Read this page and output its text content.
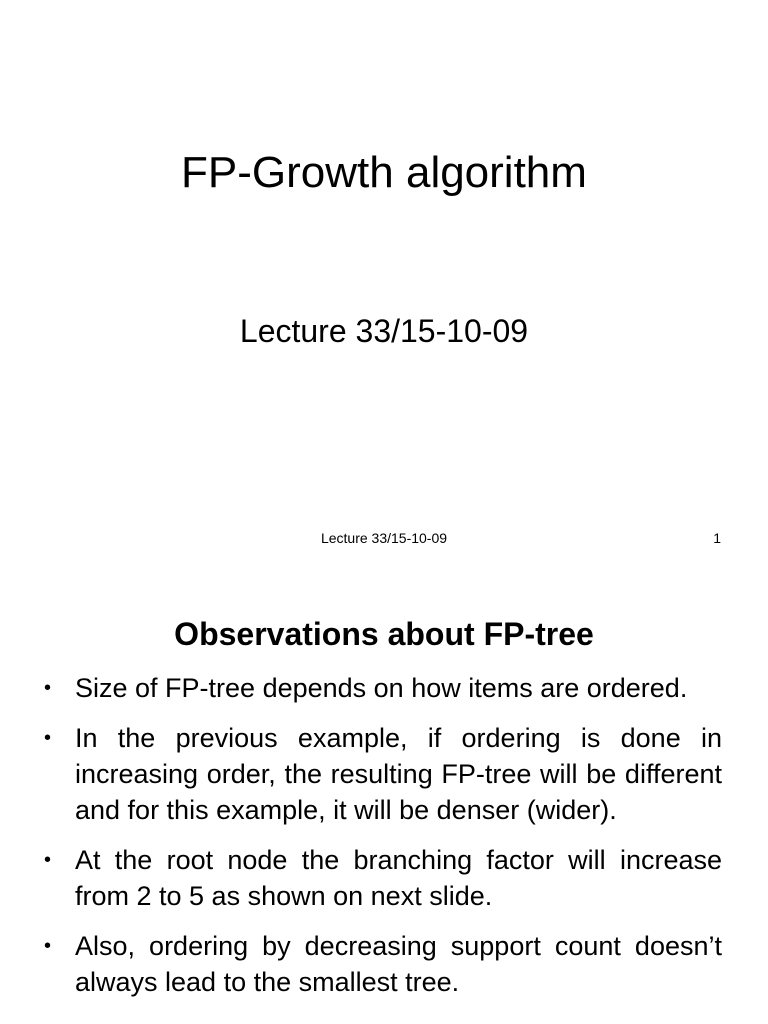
FP-Growth algorithm
Lecture 33/15-10-09
Lecture 33/15-10-09	1
Observations about FP-tree
• Size of FP-tree depends on how items are ordered.
• In the previous example, if ordering is done in increasing order, the resulting FP-tree will be different and for this example, it will be denser (wider).
• At the root node the branching factor will increase from 2 to 5 as shown on next slide.
• Also, ordering by decreasing support count doesn’t always lead to the smallest tree.
